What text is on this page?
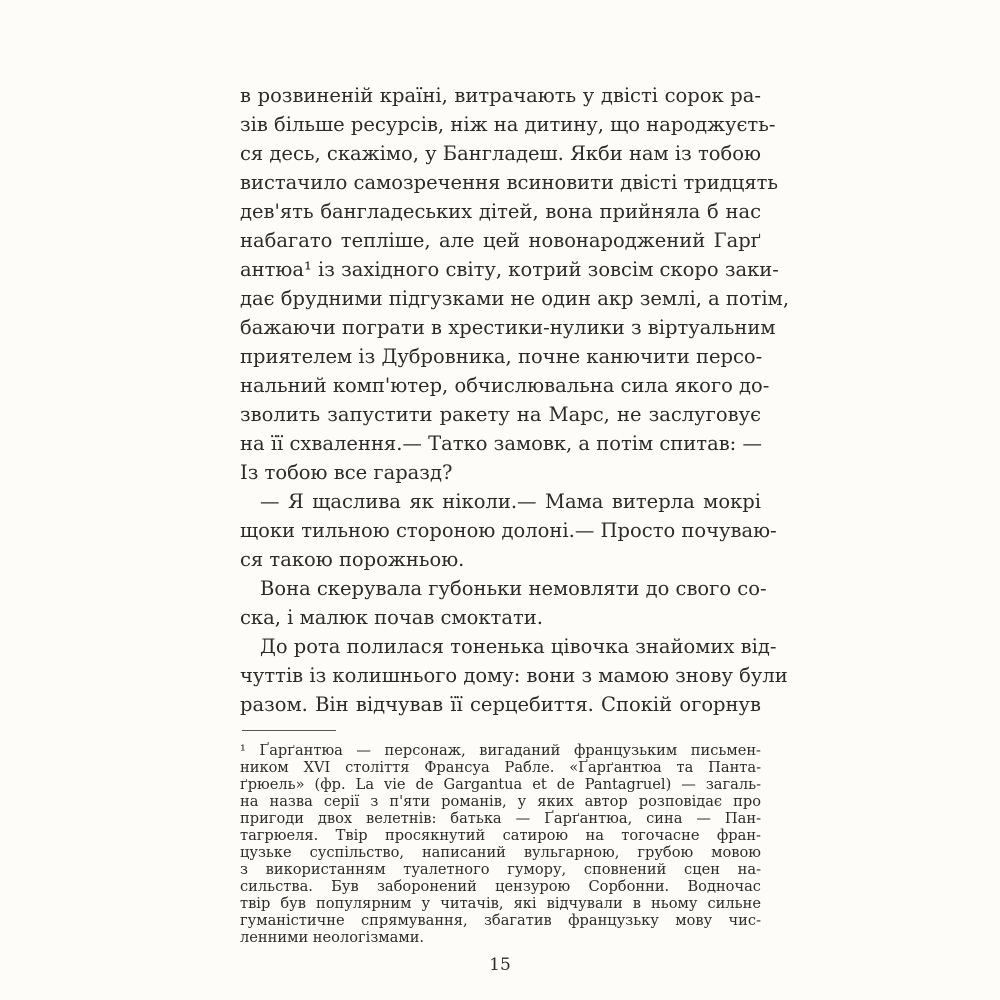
в розвиненій країні, витрачають у двісті сорок ра-
зів більше ресурсів, ніж на дитину, що народжуєть-
ся десь, скажімо, у Бангладеш. Якби нам із тобою
вистачило самозречення всиновити двісті тридцять
дев'ять бангладеських дітей, вона прийняла б нас
набагато тепліше, але цей новонароджений Гарґ
антюа¹ із західного світу, котрий зовсім скоро заки-
дає брудними підгузками не один акр землі, а потім,
бажаючи пограти в хрестики-нулики з віртуальним
приятелем із Дубровника, почне канючити персо-
нальний комп'ютер, обчислювальна сила якого до-
зволить запустити ракету на Марс, не заслуговує
на її схвалення.— Татко замовк, а потім спитав: —
Із тобою все гаразд?
— Я щаслива як ніколи.— Мама витерла мокрі
щоки тильною стороною долоні.— Просто почуваю-
ся такою порожньою.
Вона скерувала губоньки немовляти до свого со-
ска, і малюк почав смоктати.
До рота полилася тоненька цівочка знайомих від-
чуттів із колишнього дому: вони з мамою знову були
разом. Він відчував її серцебиття. Спокій огорнув
¹ Ґарґантюа — персонаж, вигаданий французьким письмен-
ником XVI століття Франсуа Рабле. «Ґарґантюа та Панта-
ґрюель» (фр. La vie de Gargantua et de Pantagruel) — загаль-
на назва серії з п'яти романів, у яких автор розповідає про
пригоди двох велетнів: батька — Ґарґантюа, сина — Пан-
тагрюеля. Твір просякнутий сатирою на тогочасне фран-
цузьке суспільство, написаний вульгарною, грубою мовою
з використанням туалетного гумору, сповнений сцен на-
сильства. Був заборонений цензурою Сорбонни. Водночас
твір був популярним у читачів, які відчували в ньому сильне
гуманістичне спрямування, збагатив французьку мову чис-
ленними неологізмами.
15
